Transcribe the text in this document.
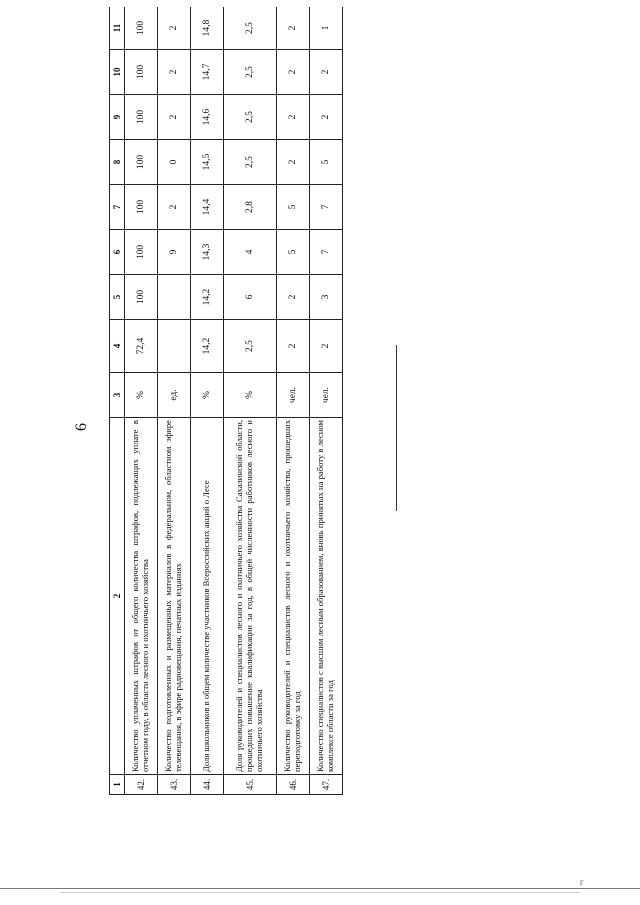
6
1	2	3	4	5	6	7	8	9	10	11
42.	Количество уплаченных штрафов от общего количества штрафов, подлежащих уплате в отчетном году, в области лесного и охотничьего хозяйства	%	72,4	100	100	100	100	100	100	100
43.	Количество подготовленных и размещенных материалов в федеральном, областном эфире телевещания, в эфире радиовещания, печатных изданиях	ед.			9	2	0	2	2	2
44.	Доля школьников в общем количестве участников Всероссийских акций о Лесе	%	14,2	14,2	14,3	14,4	14,5	14,6	14,7	14,8
45.	Доля руководителей и специалистов лесного и охотничьего хозяйства Сахалинской области, прошедших повышение квалификации за год, в общей численности работников лесного и охотничьего хозяйства	%	2,5	6	4	2,8	2,5	2,5	2,5	2,5
46.	Количество руководителей и специалистов лесного и охотничьего хозяйства, прошедших переподготовку за год	чел.	2	2	5	5	2	2	2	2
47.	Количество специалистов с высшим лесным образованием, вновь принятых на работу в лесном комплексе области за год	чел.	2	3	7	7	5	2	2	1
г
